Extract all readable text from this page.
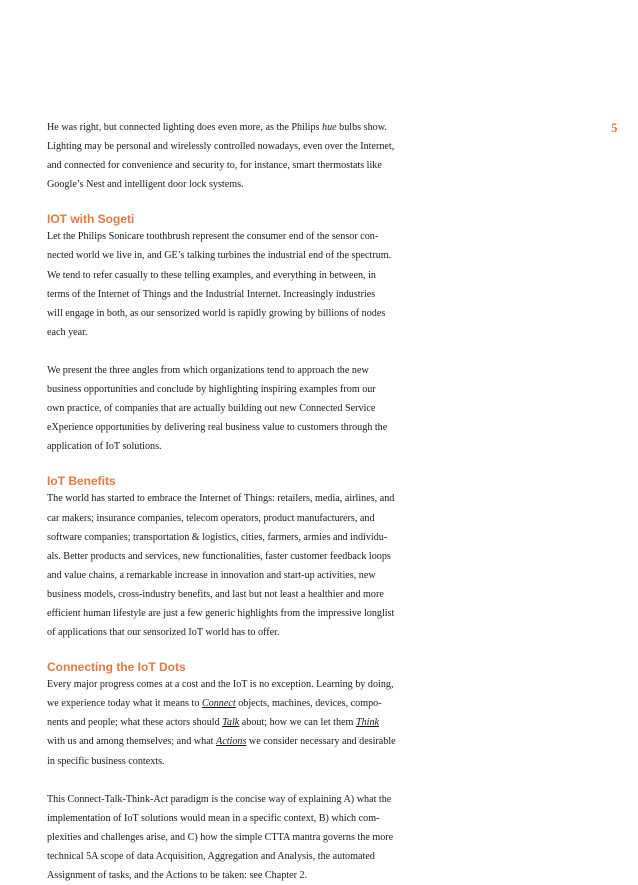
5

He was right, but connected lighting does even more, as the Philips hue bulbs show.
Lighting may be personal and wirelessly controlled nowadays, even over the Internet,
and connected for convenience and security to, for instance, smart thermostats like
Google’s Nest and intelligent door lock systems.

IOT with Sogeti

Let the Philips Sonicare toothbrush represent the consumer end of the sensor con-
nected world we live in, and GE’s talking turbines the industrial end of the spectrum.
We tend to refer casually to these telling examples, and everything in between, in
terms of the Internet of Things and the Industrial Internet. Increasingly industries
will engage in both, as our sensorized world is rapidly growing by billions of nodes
each year.

We present the three angles from which organizations tend to approach the new
business opportunities and conclude by highlighting inspiring examples from our
own practice, of companies that are actually building out new Connected Service
eXperience opportunities by delivering real business value to customers through the
application of IoT solutions.

IoT Benefits

The world has started to embrace the Internet of Things: retailers, media, airlines, and
car makers; insurance companies, telecom operators, product manufacturers, and
software companies; transportation & logistics, cities, farmers, armies and individu-
als. Better products and services, new functionalities, faster customer feedback loops
and value chains, a remarkable increase in innovation and start-up activities, new
business models, cross-industry benefits, and last but not least a healthier and more
efficient human lifestyle are just a few generic highlights from the impressive longlist
of applications that our sensorized IoT world has to offer.

Connecting the IoT Dots

Every major progress comes at a cost and the IoT is no exception. Learning by doing,
we experience today what it means to Connect objects, machines, devices, compo-
nents and people; what these actors should Talk about; how we can let them Think
with us and among themselves; and what Actions we consider necessary and desirable
in specific business contexts.

This Connect-Talk-Think-Act paradigm is the concise way of explaining A) what the
implementation of IoT solutions would mean in a specific context, B) which com-
plexities and challenges arise, and C) how the simple CTTA mantra governs the more
technical 5A scope of data Acquisition, Aggregation and Analysis, the automated
Assignment of tasks, and the Actions to be taken: see Chapter 2.
